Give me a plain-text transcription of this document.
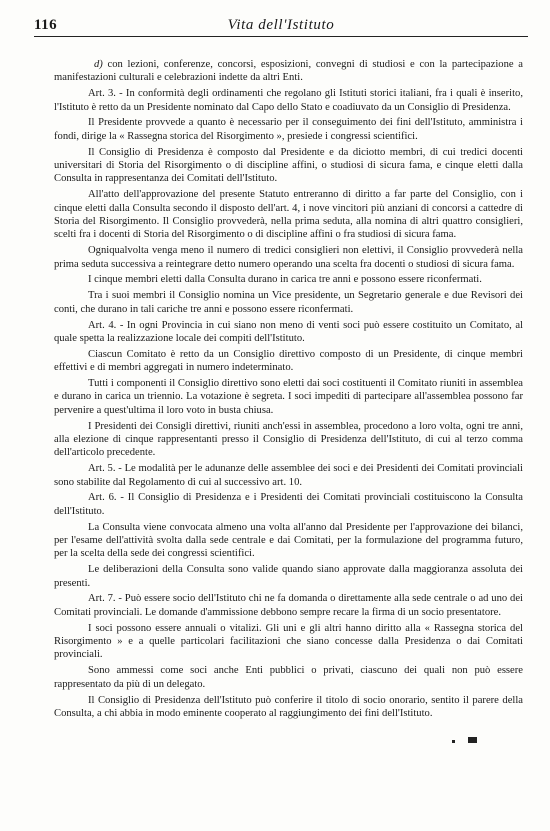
116	Vita dell'Istituto

d) con lezioni, conferenze, concorsi, esposizioni, convegni di studiosi e con la partecipazione a manifestazioni culturali e celebrazioni indette da altri Enti.

Art. 3. - In conformità degli ordinamenti che regolano gli Istituti storici italiani, fra i quali è inserito, l'Istituto è retto da un Presidente nominato dal Capo dello Stato e coadiuvato da un Consiglio di Presidenza.

Il Presidente provvede a quanto è necessario per il conseguimento dei fini dell'Istituto, amministra i fondi, dirige la « Rassegna storica del Risorgimento », presiede i congressi scientifici.

Il Consiglio di Presidenza è composto dal Presidente e da diciotto membri, di cui tredici docenti universitari di Storia del Risorgimento o di discipline affini, o studiosi di sicura fama, e cinque eletti dalla Consulta in rappresentanza dei Comitati dell'Istituto.

All'atto dell'approvazione del presente Statuto entreranno di diritto a far parte del Consiglio, con i cinque eletti dalla Consulta secondo il disposto dell'art. 4, i nove vincitori più anziani di concorsi a cattedre di Storia del Risorgimento. Il Consiglio provvederà, nella prima seduta, alla nomina di altri quattro consiglieri, scelti fra i docenti di Storia del Risorgimento o di discipline affini o fra studiosi di sicura fama.

Ogniqualvolta venga meno il numero di tredici consiglieri non elettivi, il Consiglio provvederà nella prima seduta successiva a reintegrare detto numero operando una scelta fra docenti o studiosi di sicura fama.

I cinque membri eletti dalla Consulta durano in carica tre anni e possono essere riconfermati.

Tra i suoi membri il Consiglio nomina un Vice presidente, un Segretario generale e due Revisori dei conti, che durano in tali cariche tre anni e possono essere riconfermati.

Art. 4. - In ogni Provincia in cui siano non meno di venti soci può essere costituito un Comitato, al quale spetta la realizzazione locale dei compiti dell'Istituto.

Ciascun Comitato è retto da un Consiglio direttivo composto di un Presidente, di cinque membri effettivi e di membri aggregati in numero indeterminato.

Tutti i componenti il Consiglio direttivo sono eletti dai soci costituenti il Comitato riuniti in assemblea e durano in carica un triennio. La votazione è segreta. I soci impediti di partecipare all'assemblea possono far pervenire a quest'ultima il loro voto in busta chiusa.

I Presidenti dei Consigli direttivi, riuniti anch'essi in assemblea, procedono a loro volta, ogni tre anni, alla elezione di cinque rappresentanti presso il Consiglio di Presidenza dell'Istituto, di cui al terzo comma dell'articolo precedente.

Art. 5. - Le modalità per le adunanze delle assemblee dei soci e dei Presidenti dei Comitati provinciali sono stabilite dal Regolamento di cui al successivo art. 10.

Art. 6. - Il Consiglio di Presidenza e i Presidenti dei Comitati provinciali costituiscono la Consulta dell'Istituto.

La Consulta viene convocata almeno una volta all'anno dal Presidente per l'approvazione dei bilanci, per l'esame dell'attività svolta dalla sede centrale e dai Comitati, per la formulazione del programma futuro, per la scelta della sede dei congressi scientifici.

Le deliberazioni della Consulta sono valide quando siano approvate dalla maggioranza assoluta dei presenti.

Art. 7. - Può essere socio dell'Istituto chi ne fa domanda o direttamente alla sede centrale o ad uno dei Comitati provinciali. Le domande d'ammissione debbono sempre recare la firma di un socio presentatore.

I soci possono essere annuali o vitalizi. Gli uni e gli altri hanno diritto alla « Rassegna storica del Risorgimento » e a quelle particolari facilitazioni che siano concesse dalla Presidenza o dai Comitati provinciali.

Sono ammessi come soci anche Enti pubblici o privati, ciascuno dei quali non può essere rappresentato da più di un delegato.

Il Consiglio di Presidenza dell'Istituto può conferire il titolo di socio onorario, sentito il parere della Consulta, a chi abbia in modo eminente cooperato al raggiungimento dei fini dell'Istituto.
